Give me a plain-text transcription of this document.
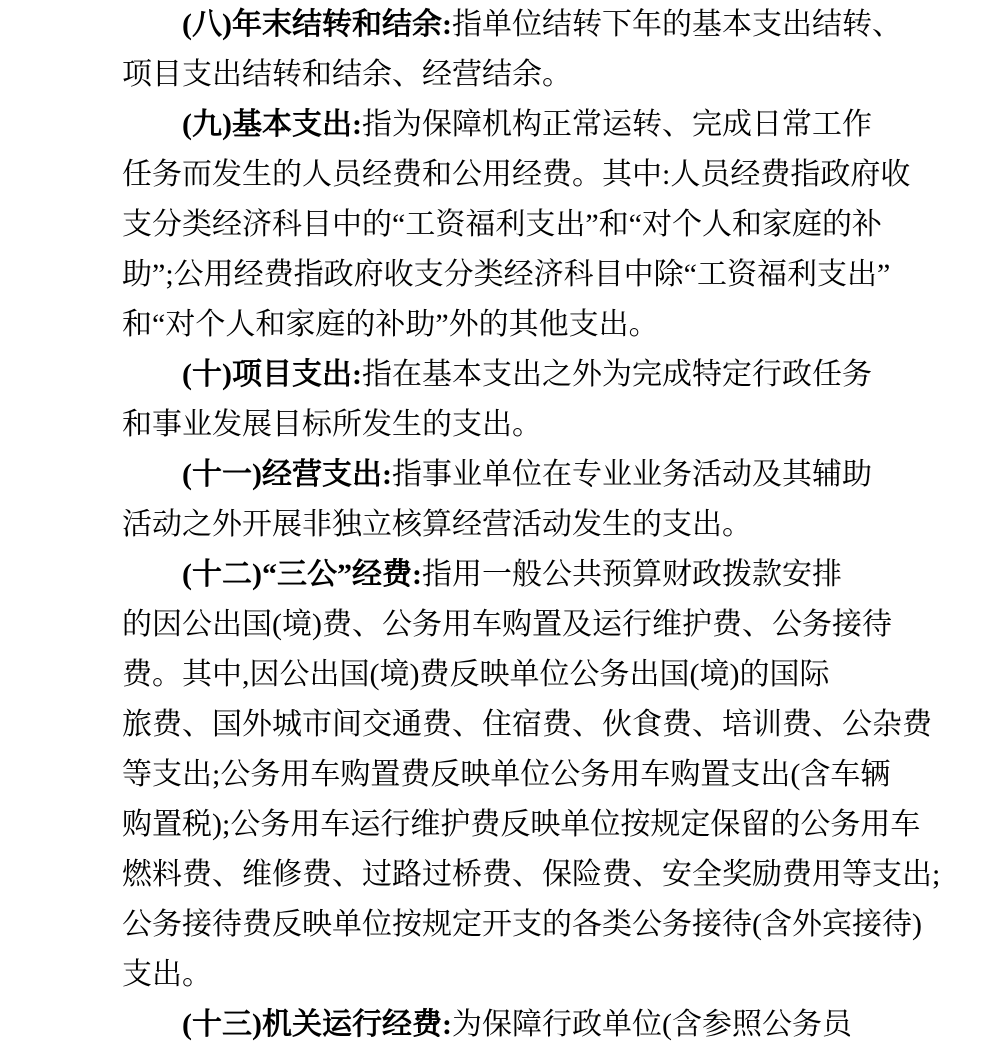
(八)年末结转和结余:指单位结转下年的基本支出结转、
项目支出结转和结余、经营结余。
(九)基本支出:指为保障机构正常运转、完成日常工作
任务而发生的人员经费和公用经费。其中:人员经费指政府收
支分类经济科目中的“工资福利支出”和“对个人和家庭的补
助”;公用经费指政府收支分类经济科目中除“工资福利支出”
和“对个人和家庭的补助”外的其他支出。
(十)项目支出:指在基本支出之外为完成特定行政任务
和事业发展目标所发生的支出。
(十一)经营支出:指事业单位在专业业务活动及其辅助
活动之外开展非独立核算经营活动发生的支出。
(十二)“三公”经费:指用一般公共预算财政拨款安排
的因公出国(境)费、公务用车购置及运行维护费、公务接待
费。其中,因公出国(境)费反映单位公务出国(境)的国际
旅费、国外城市间交通费、住宿费、伙食费、培训费、公杂费
等支出;公务用车购置费反映单位公务用车购置支出(含车辆
购置税);公务用车运行维护费反映单位按规定保留的公务用车
燃料费、维修费、过路过桥费、保险费、安全奖励费用等支出;
公务接待费反映单位按规定开支的各类公务接待(含外宾接待)
支出。
(十三)机关运行经费:为保障行政单位(含参照公务员
